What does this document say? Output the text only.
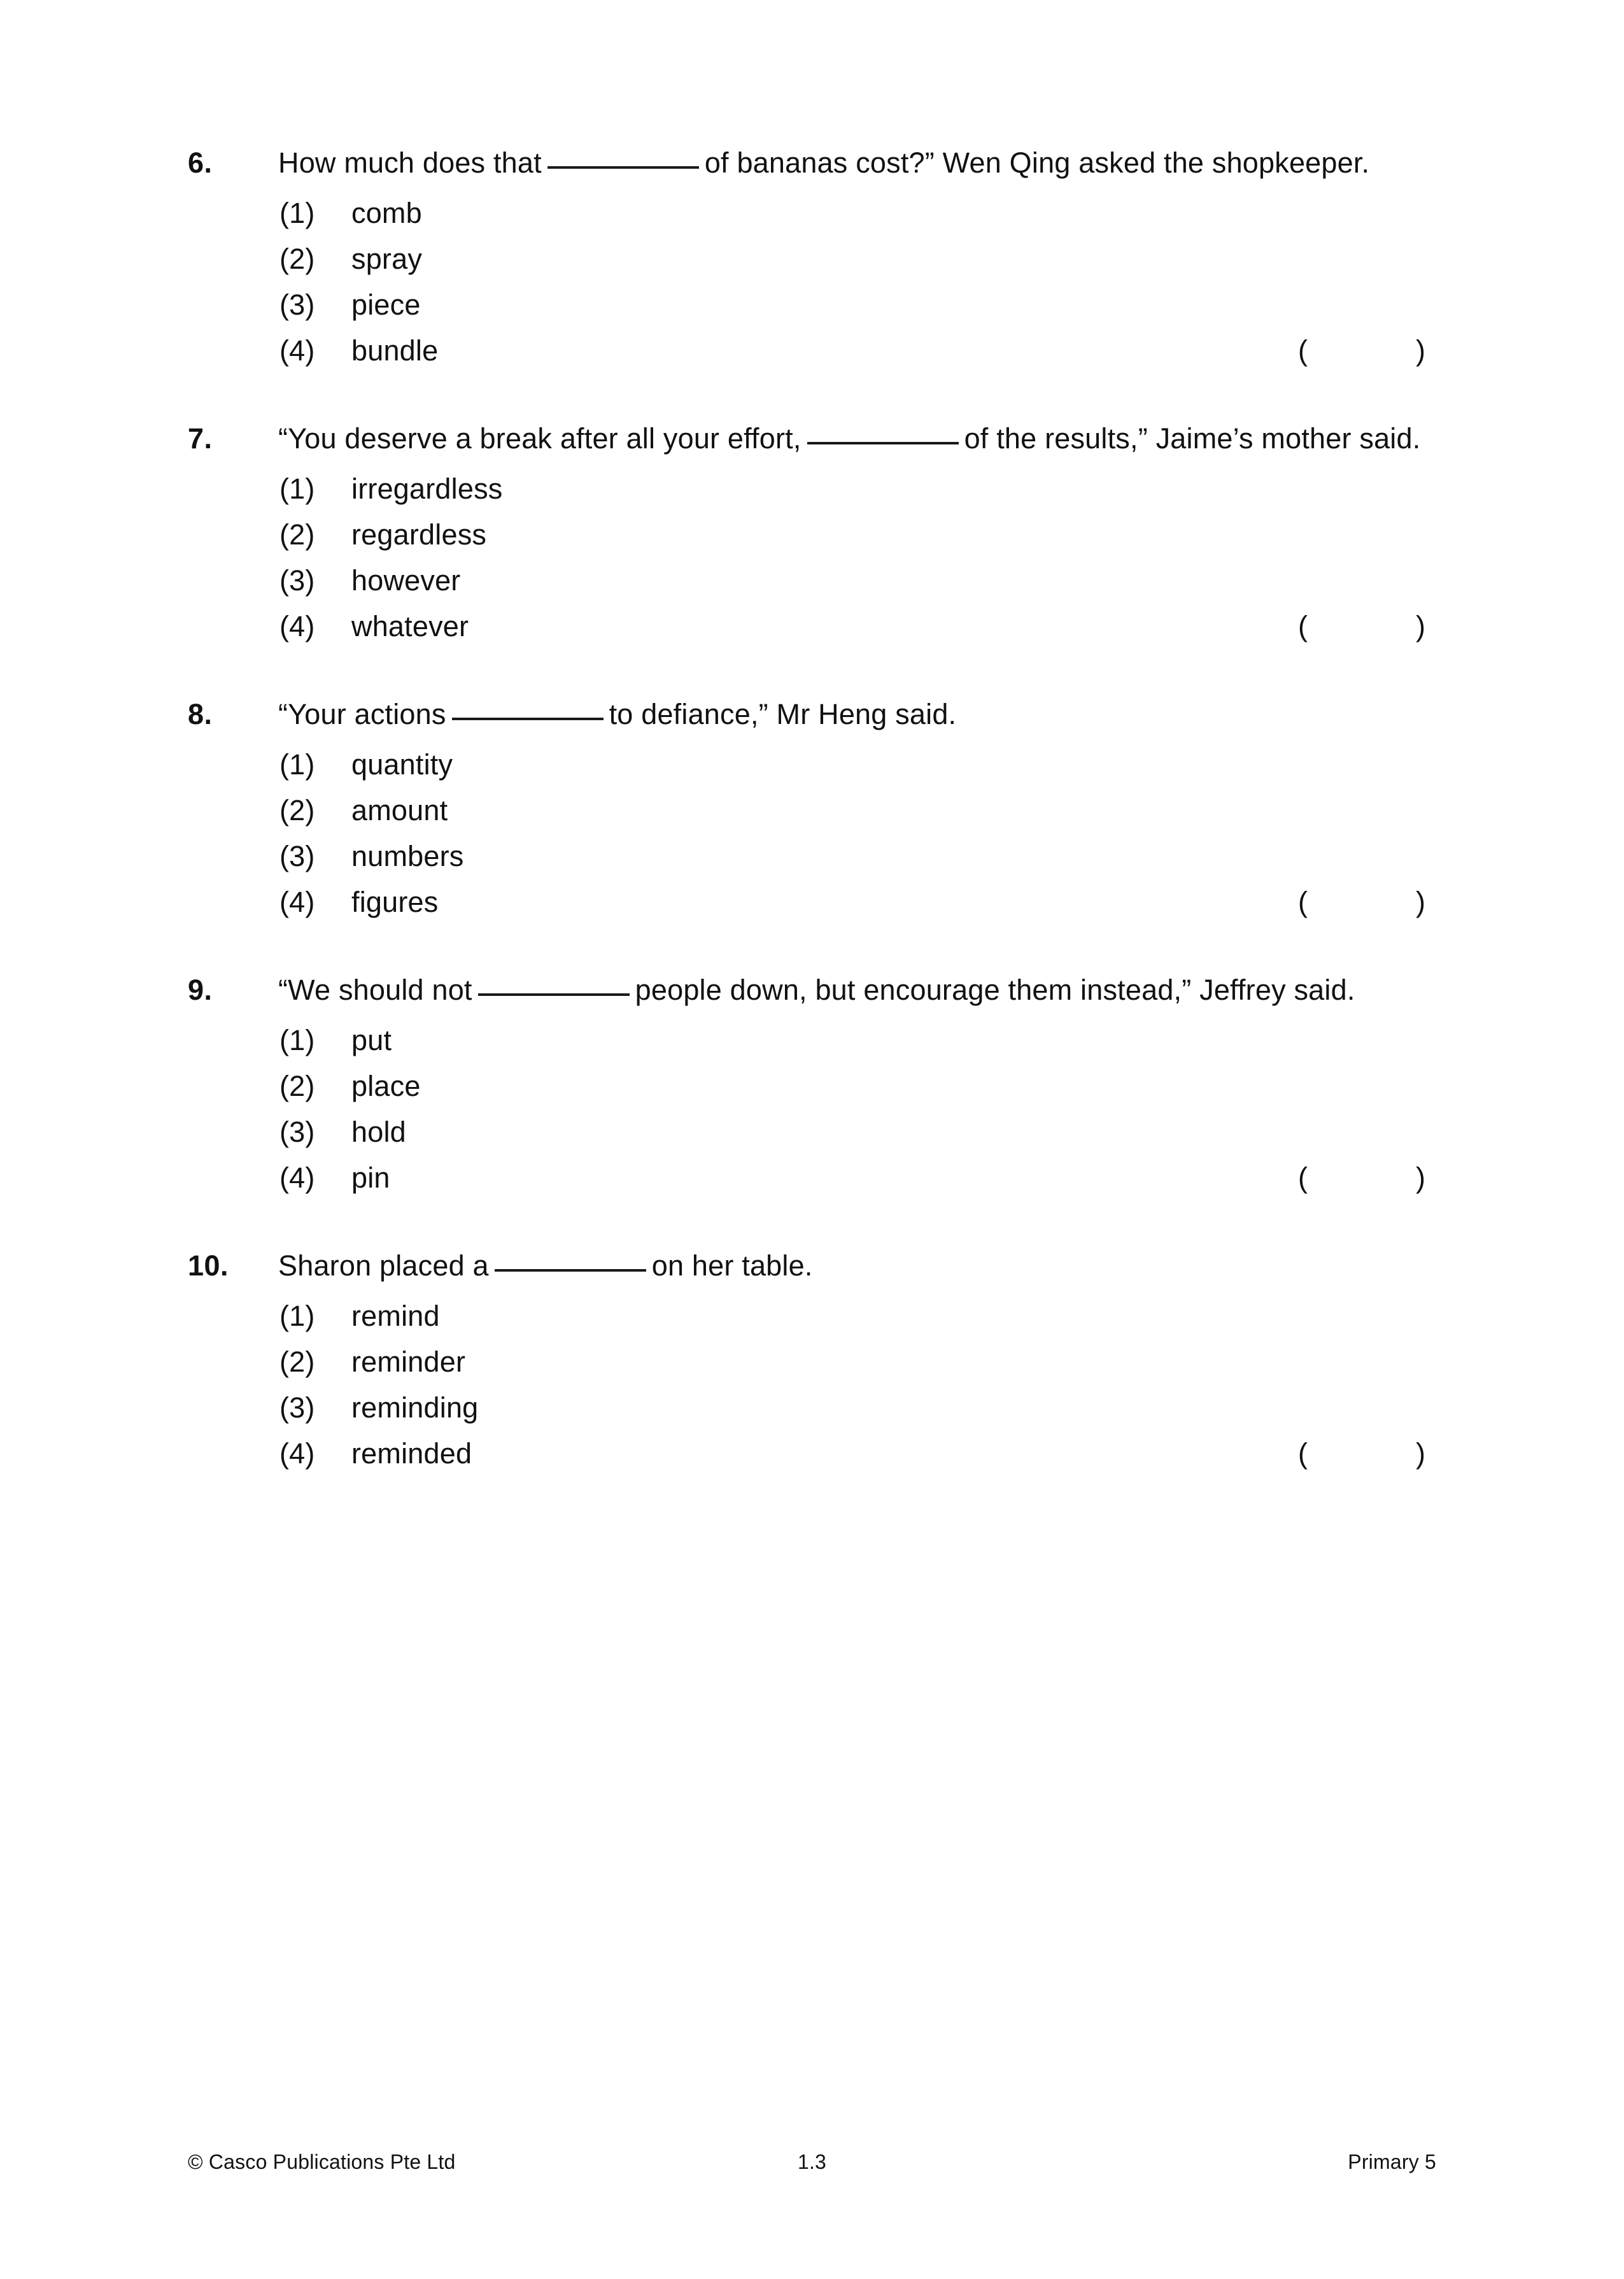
6.	How much does that	of bananas cost?” Wen Qing asked the shopkeeper.
(1)	comb
(2)	spray
(3)	piece
(4)	bundle	(	)
7.	“You deserve a break after all your effort,	of the results,” Jaime’s mother said.
(1)	irregardless
(2)	regardless
(3)	however
(4)	whatever	(	)
8.	“Your actions	to defiance,” Mr Heng said.
(1)	quantity
(2)	amount
(3)	numbers
(4)	figures	(	)
9.	“We should not	people down, but encourage them instead,” Jeffrey said.
(1)	put
(2)	place
(3)	hold
(4)	pin	(	)
10.	Sharon placed a	on her table.
(1)	remind
(2)	reminder
(3)	reminding
(4)	reminded	(	)
© Casco Publications Pte Ltd	1.3	Primary 5
